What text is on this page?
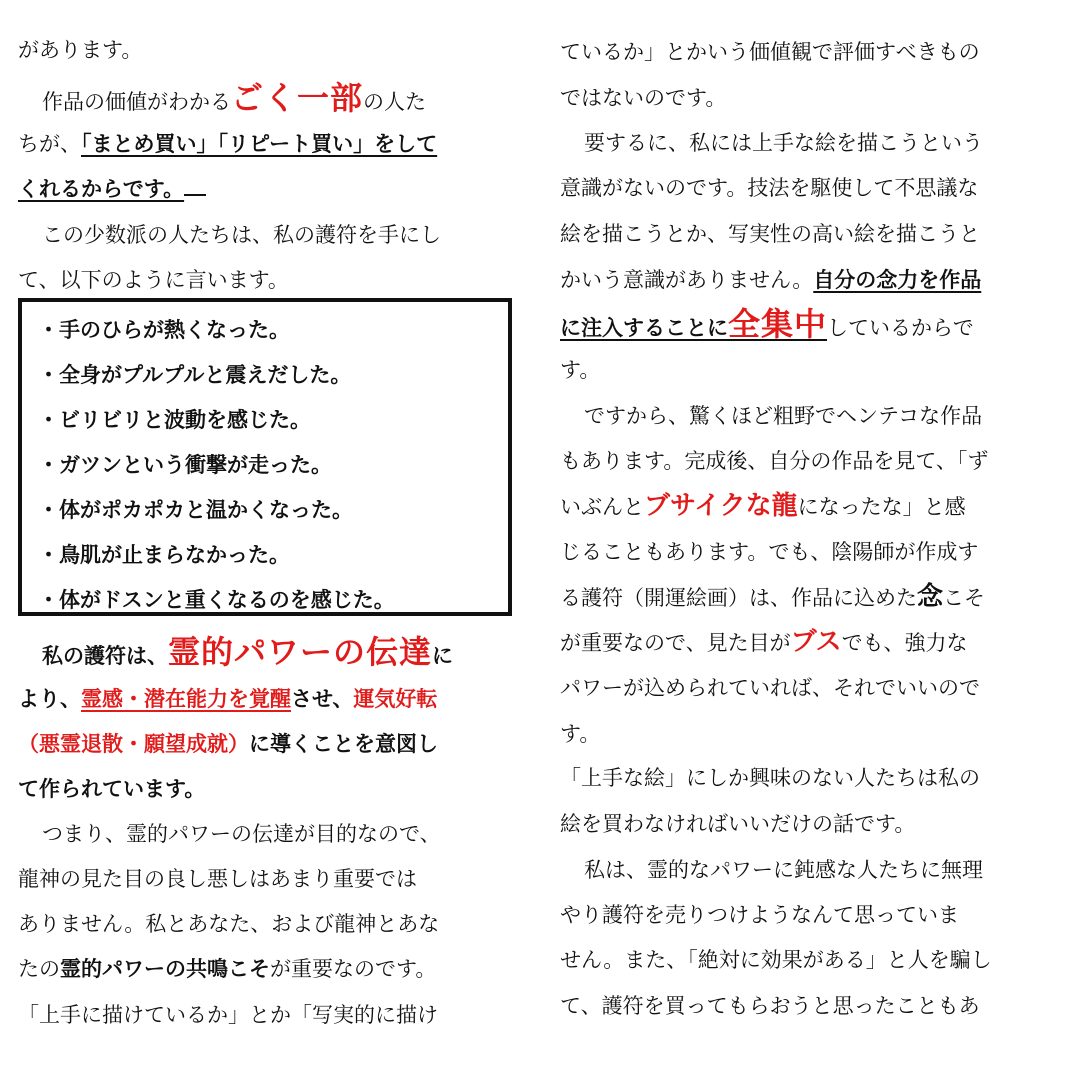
があります。
作品の価値がわかるごく一部の人た
ちが、「まとめ買い」「リピート買い」をして
くれるからです。
この少数派の人たちは、私の護符を手にし
て、以下のように言います。
・手のひらが熱くなった。
・全身がプルプルと震えだした。
・ビリビリと波動を感じた。
・ガツンという衝撃が走った。
・体がポカポカと温かくなった。
・鳥肌が止まらなかった。
・体がドスンと重くなるのを感じた。
私の護符は、霊的パワーの伝達に
より、霊感・潜在能力を覚醒させ、運気好転
（悪霊退散・願望成就）に導くことを意図し
て作られています。
つまり、霊的パワーの伝達が目的なので、
龍神の見た目の良し悪しはあまり重要では
ありません。私とあなた、および龍神とあな
たの霊的パワーの共鳴こそが重要なのです。
「上手に描けているか」とか「写実的に描け
ているか」とかいう価値観で評価すべきもの
ではないのです。
要するに、私には上手な絵を描こうという
意識がないのです。技法を駆使して不思議な
絵を描こうとか、写実性の高い絵を描こうと
かいう意識がありません。自分の念力を作品
に注入することに全集中しているからで
す。
ですから、驚くほど粗野でヘンテコな作品
もあります。完成後、自分の作品を見て、「ず
いぶんとブサイクな龍になったな」と感
じることもあります。でも、陰陽師が作成す
る護符（開運絵画）は、作品に込めた念こそ
が重要なので、見た目がブスでも、強力な
パワーが込められていれば、それでいいので
す。
「上手な絵」にしか興味のない人たちは私の
絵を買わなければいいだけの話です。
私は、霊的なパワーに鈍感な人たちに無理
やり護符を売りつけようなんて思っていま
せん。また、「絶対に効果がある」と人を騙し
て、護符を買ってもらおうと思ったこともあ
